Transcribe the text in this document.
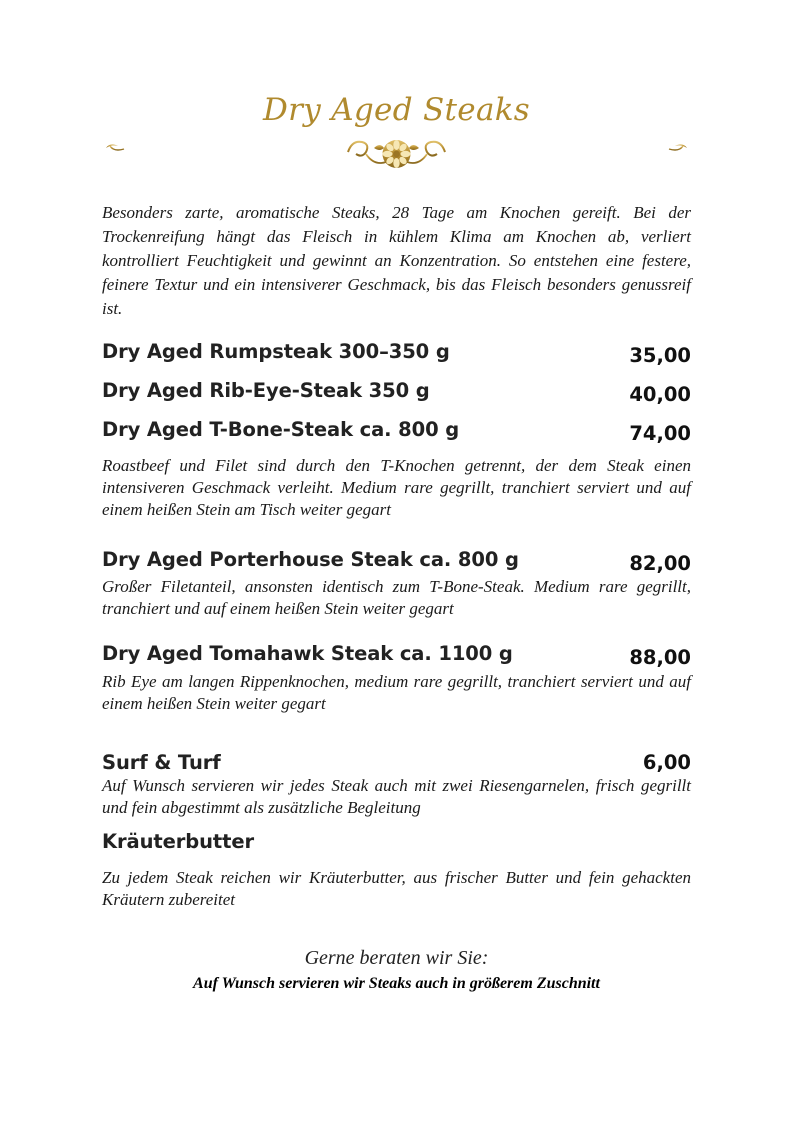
Dry Aged Steaks

Besonders zarte, aromatische Steaks, 28 Tage am Knochen gereift. Bei der Trockenreifung hängt das Fleisch in kühlem Klima am Knochen ab, verliert kontrolliert Feuchtigkeit und gewinnt an Konzentration. So entstehen eine festere, feinere Textur und ein intensiverer Geschmack, bis das Fleisch besonders genussreif ist.

Dry Aged Rumpsteak 300–350 g	35,00
Dry Aged Rib-Eye-Steak 350 g	40,00
Dry Aged T-Bone-Steak ca. 800 g	74,00

Roastbeef und Filet sind durch den T-Knochen getrennt, der dem Steak einen intensiveren Geschmack verleiht. Medium rare gegrillt, tranchiert serviert und auf einem heißen Stein am Tisch weiter gegart

Dry Aged Porterhouse Steak ca. 800 g	82,00

Großer Filetanteil, ansonsten identisch zum T-Bone-Steak. Medium rare gegrillt, tranchiert und auf einem heißen Stein weiter gegart

Dry Aged Tomahawk Steak ca. 1100 g	88,00

Rib Eye am langen Rippenknochen, medium rare gegrillt, tranchiert serviert und auf einem heißen Stein weiter gegart

Surf & Turf	6,00

Auf Wunsch servieren wir jedes Steak auch mit zwei Riesengarnelen, frisch gegrillt und fein abgestimmt als zusätzliche Begleitung

Kräuterbutter

Zu jedem Steak reichen wir Kräuterbutter, aus frischer Butter und fein gehackten Kräutern zubereitet

Gerne beraten wir Sie:
Auf Wunsch servieren wir Steaks auch in größerem Zuschnitt
